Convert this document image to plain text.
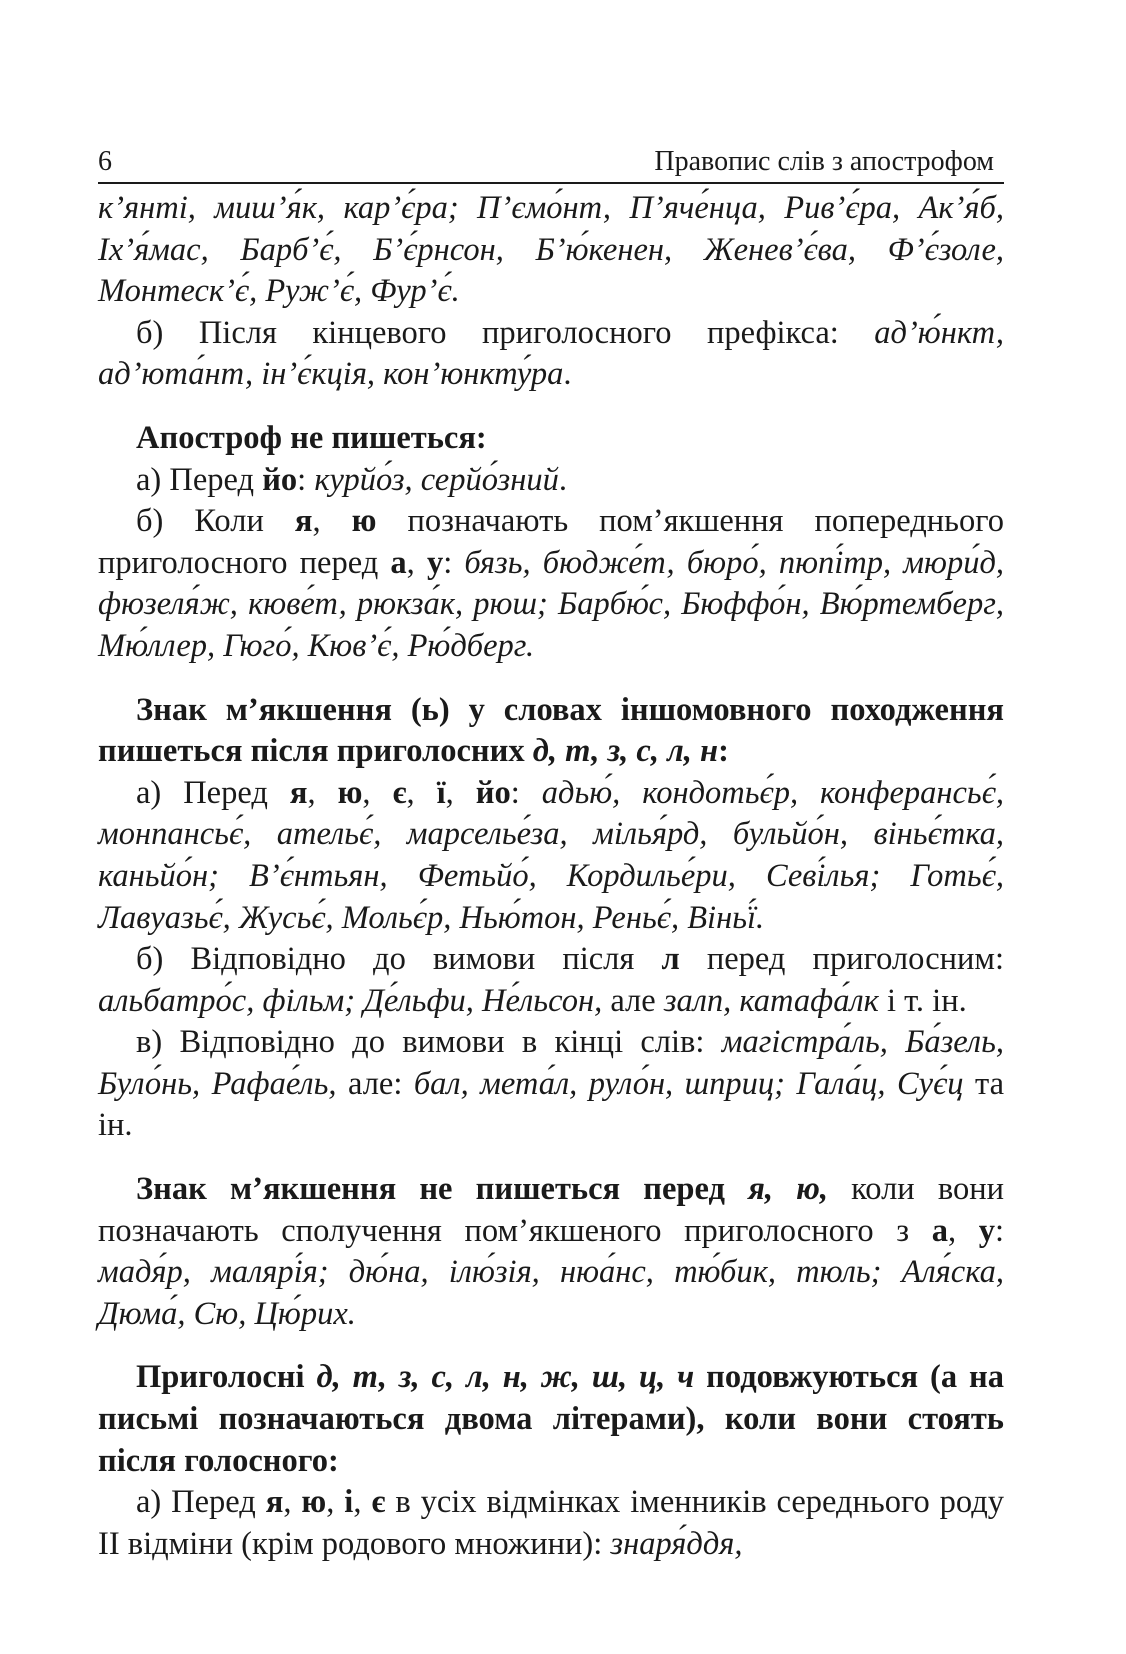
6	Правопис слів з апострофом

к’янті, миш’я́к, кар’є́ра; П’ємо́нт, П’яче́нца, Рив’є́ра, Ак’я́б, Іх’я́мас, Барб’є́, Б’є́рнсон, Б’ю́кенен, Женев’є́ва, Ф’є́золе, Монтеск’є́, Руж’є́, Фур’є́.

б) Після кінцевого приголосного префікса: ад’ю́нкт, ад’юта́нт, ін’є́кція, кон’юнкту́ра.

Апостроф не пишеться:

а) Перед йо: курйо́з, серйо́зний.

б) Коли я, ю позначають пом’якшення попереднього приголосного перед а, у: бязь, бюдже́т, бюро́, пюпі́тр, мюри́д, фюзеля́ж, кюве́т, рюкза́к, рюш; Барбю́с, Бюффо́н, Вю́ртемберг, Мю́ллер, Гюго́, Кюв’є́, Рю́дберг.

Знак м’якшення (ь) у словах іншомовного походження пишеться після приголосних д, т, з, с, л, н:

а) Перед я, ю, є, ї, йо: адью́, кондотьє́р, конферансьє́, монпансьє́, ательє́, марселье́за, мілья́рд, бульйо́н, віньє́тка, каньйо́н; В’є́нтьян, Фетьйо́, Кордилье́ри, Севі́лья; Готьє́, Лавуазьє́, Жусьє́, Мольє́р, Нью́тон, Реньє́, Віньї́.

б) Відповідно до вимови після л перед приголосним: альбатро́с, фільм; Де́льфи, Не́льсон, але залп, катафа́лк і т. ін.

в) Відповідно до вимови в кінці слів: магістра́ль, Ба́зель, Було́нь, Рафае́ль, але: бал, мета́л, руло́н, шприц; Гала́ц, Сує́ц та ін.

Знак м’якшення не пишеться перед я, ю, коли вони позначають сполучення пом’якшеного приголосного з а, у: мадя́р, малярі́я; дю́на, ілю́зія, нюа́нс, тю́бик, тюль; Аля́ска, Дюма́, Сю, Цю́рих.

Приголосні д, т, з, с, л, н, ж, ш, ц, ч подовжуються (а на письмі позначаються двома літерами), коли вони стоять після голосного:

а) Перед я, ю, і, є в усіх відмінках іменників середнього роду ІІ відміни (крім родового множини): знаря́ддя,
